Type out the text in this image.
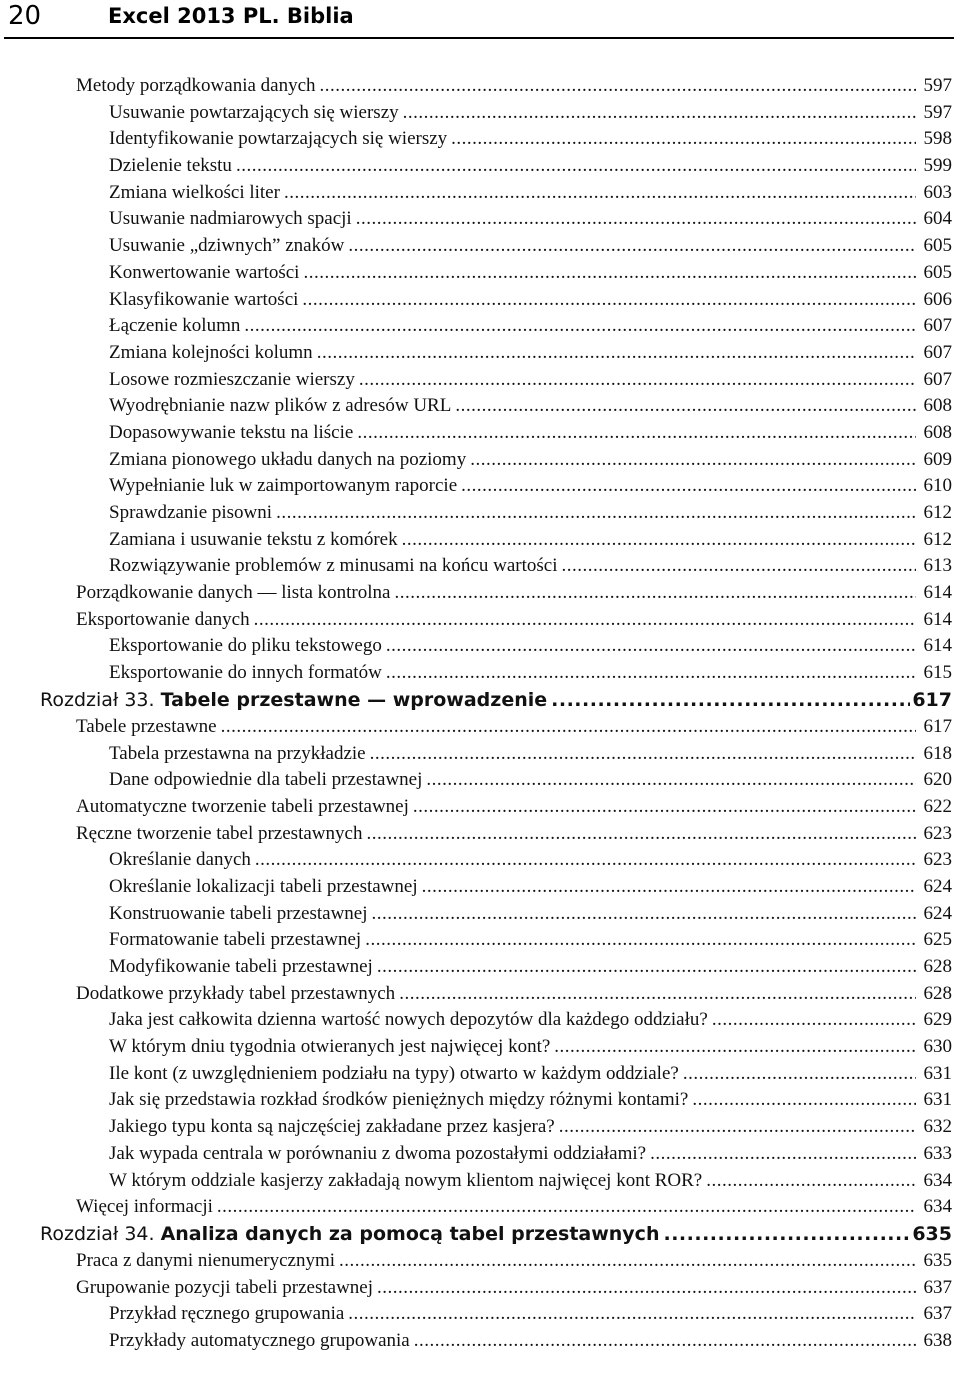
20	Excel 2013 PL. Biblia
Metody porządkowania danych .....	597
Usuwanie powtarzających się wierszy .....	597
Identyfikowanie powtarzających się wierszy .....	598
Dzielenie tekstu .....	599
Zmiana wielkości liter .....	603
Usuwanie nadmiarowych spacji .....	604
Usuwanie „dziwnych” znaków .....	605
Konwertowanie wartości .....	605
Klasyfikowanie wartości .....	606
Łączenie kolumn .....	607
Zmiana kolejności kolumn .....	607
Losowe rozmieszczanie wierszy .....	607
Wyodrębnianie nazw plików z adresów URL .....	608
Dopasowywanie tekstu na liście .....	608
Zmiana pionowego układu danych na poziomy .....	609
Wypełnianie luk w zaimportowanym raporcie .....	610
Sprawdzanie pisowni .....	612
Zamiana i usuwanie tekstu z komórek .....	612
Rozwiązywanie problemów z minusami na końcu wartości .....	613
Porządkowanie danych — lista kontrolna .....	614
Eksportowanie danych .....	614
Eksportowanie do pliku tekstowego .....	614
Eksportowanie do innych formatów .....	615
Rozdział 33. Tabele przestawne — wprowadzenie .....	617
Tabele przestawne .....	617
Tabela przestawna na przykładzie .....	618
Dane odpowiednie dla tabeli przestawnej .....	620
Automatyczne tworzenie tabeli przestawnej .....	622
Ręczne tworzenie tabel przestawnych .....	623
Określanie danych .....	623
Określanie lokalizacji tabeli przestawnej .....	624
Konstruowanie tabeli przestawnej .....	624
Formatowanie tabeli przestawnej .....	625
Modyfikowanie tabeli przestawnej .....	628
Dodatkowe przykłady tabel przestawnych .....	628
Jaka jest całkowita dzienna wartość nowych depozytów dla każdego oddziału? .....	629
W którym dniu tygodnia otwieranych jest najwięcej kont? .....	630
Ile kont (z uwzględnieniem podziału na typy) otwarto w każdym oddziale? .....	631
Jak się przedstawia rozkład środków pieniężnych między różnymi kontami? .....	631
Jakiego typu konta są najczęściej zakładane przez kasjera? .....	632
Jak wypada centrala w porównaniu z dwoma pozostałymi oddziałami? .....	633
W którym oddziale kasjerzy zakładają nowym klientom najwięcej kont ROR? .....	634
Więcej informacji .....	634
Rozdział 34. Analiza danych za pomocą tabel przestawnych .....	635
Praca z danymi nienumerycznymi .....	635
Grupowanie pozycji tabeli przestawnej .....	637
Przykład ręcznego grupowania .....	637
Przykłady automatycznego grupowania .....	638
